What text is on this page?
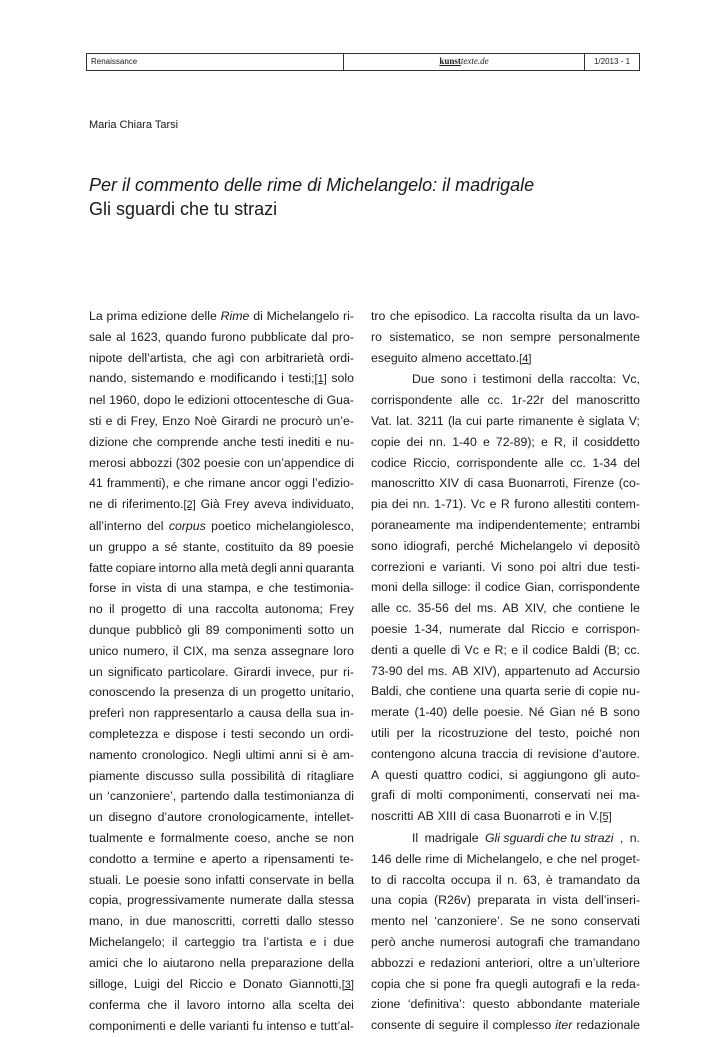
Renaissance	kunsttexte.de	1/2013 - 1
Maria Chiara Tarsi
Per il commento delle rime di Michelangelo: il madrigale
Gli sguardi che tu strazi
La prima edizione delle Rime di Michelangelo ri-
sale al 1623, quando furono pubblicate dal pro-
nipote dell’artista, che agì con arbitrarietà ordi-
nando, sistemando e modificando i testi;[1] solo
nel 1960, dopo le edizioni ottocentesche di Gua-
sti e di Frey, Enzo Noè Girardi ne procurò un’e-
dizione che comprende anche testi inediti e nu-
merosi abbozzi (302 poesie con un’appendice di
41 frammenti), e che rimane ancor oggi l’edizio-
ne di riferimento.[2] Già Frey aveva individuato,
all’interno del corpus poetico michelangiolesco,
un gruppo a sé stante, costituito da 89 poesie
fatte copiare intorno alla metà degli anni quaranta
forse in vista di una stampa, e che testimonia-
no il progetto di una raccolta autonoma; Frey
dunque pubblicò gli 89 componimenti sotto un
unico numero, il CIX, ma senza assegnare loro
un significato particolare. Girardi invece, pur ri-
conoscendo la presenza di un progetto unitario,
preferì non rappresentarlo a causa della sua in-
completezza e dispose i testi secondo un ordi-
namento cronologico. Negli ultimi anni si è am-
piamente discusso sulla possibilità di ritagliare
un ‘canzoniere’, partendo dalla testimonianza di
un disegno d’autore cronologicamente, intellet-
tualmente e formalmente coeso, anche se non
condotto a termine e aperto a ripensamenti te-
stuali. Le poesie sono infatti conservate in bella
copia, progressivamente numerate dalla stessa
mano, in due manoscritti, corretti dallo stesso
Michelangelo; il carteggio tra l’artista e i due
amici che lo aiutarono nella preparazione della
silloge, Luigi del Riccio e Donato Giannotti,[3]
conferma che il lavoro intorno alla scelta dei
componimenti e delle varianti fu intenso e tutt’al-
tro che episodico. La raccolta risulta da un lavo-
ro sistematico, se non sempre personalmente
eseguito almeno accettato.[4]
Due sono i testimoni della raccolta: Vc,
corrispondente alle cc. 1r-22r del manoscritto
Vat. lat. 3211 (la cui parte rimanente è siglata V;
copie dei nn. 1-40 e 72-89); e R, il cosiddetto
codice Riccio, corrispondente alle cc. 1-34 del
manoscritto XIV di casa Buonarroti, Firenze (co-
pia dei nn. 1-71). Vc e R furono allestiti contem-
poraneamente ma indipendentemente; entrambi
sono idiografi, perché Michelangelo vi depositò
correzioni e varianti. Vi sono poi altri due testi-
moni della silloge: il codice Gian, corrispondente
alle cc. 35-56 del ms. AB XIV, che contiene le
poesie 1-34, numerate dal Riccio e corrispon-
denti a quelle di Vc e R; e il codice Baldi (B; cc.
73-90 del ms. AB XIV), appartenuto ad Accursio
Baldi, che contiene una quarta serie di copie nu-
merate (1-40) delle poesie. Né Gian né B sono
utili per la ricostruzione del testo, poiché non
contengono alcuna traccia di revisione d’autore.
A questi quattro codici, si aggiungono gli auto-
grafi di molti componimenti, conservati nei ma-
noscritti AB XIII di casa Buonarroti e in V.[5]
Il madrigale Gli sguardi che tu strazi , n.
146 delle rime di Michelangelo, e che nel proget-
to di raccolta occupa il n. 63, è tramandato da
una copia (R26v) preparata in vista dell’inseri-
mento nel ‘canzoniere’. Se ne sono conservati
però anche numerosi autografi che tramandano
abbozzi e redazioni anteriori, oltre a un’ulteriore
copia che si pone fra quegli autografi e la reda-
zione ‘definitiva’: questo abbondante materiale
consente di seguire il complesso iter redazionale
